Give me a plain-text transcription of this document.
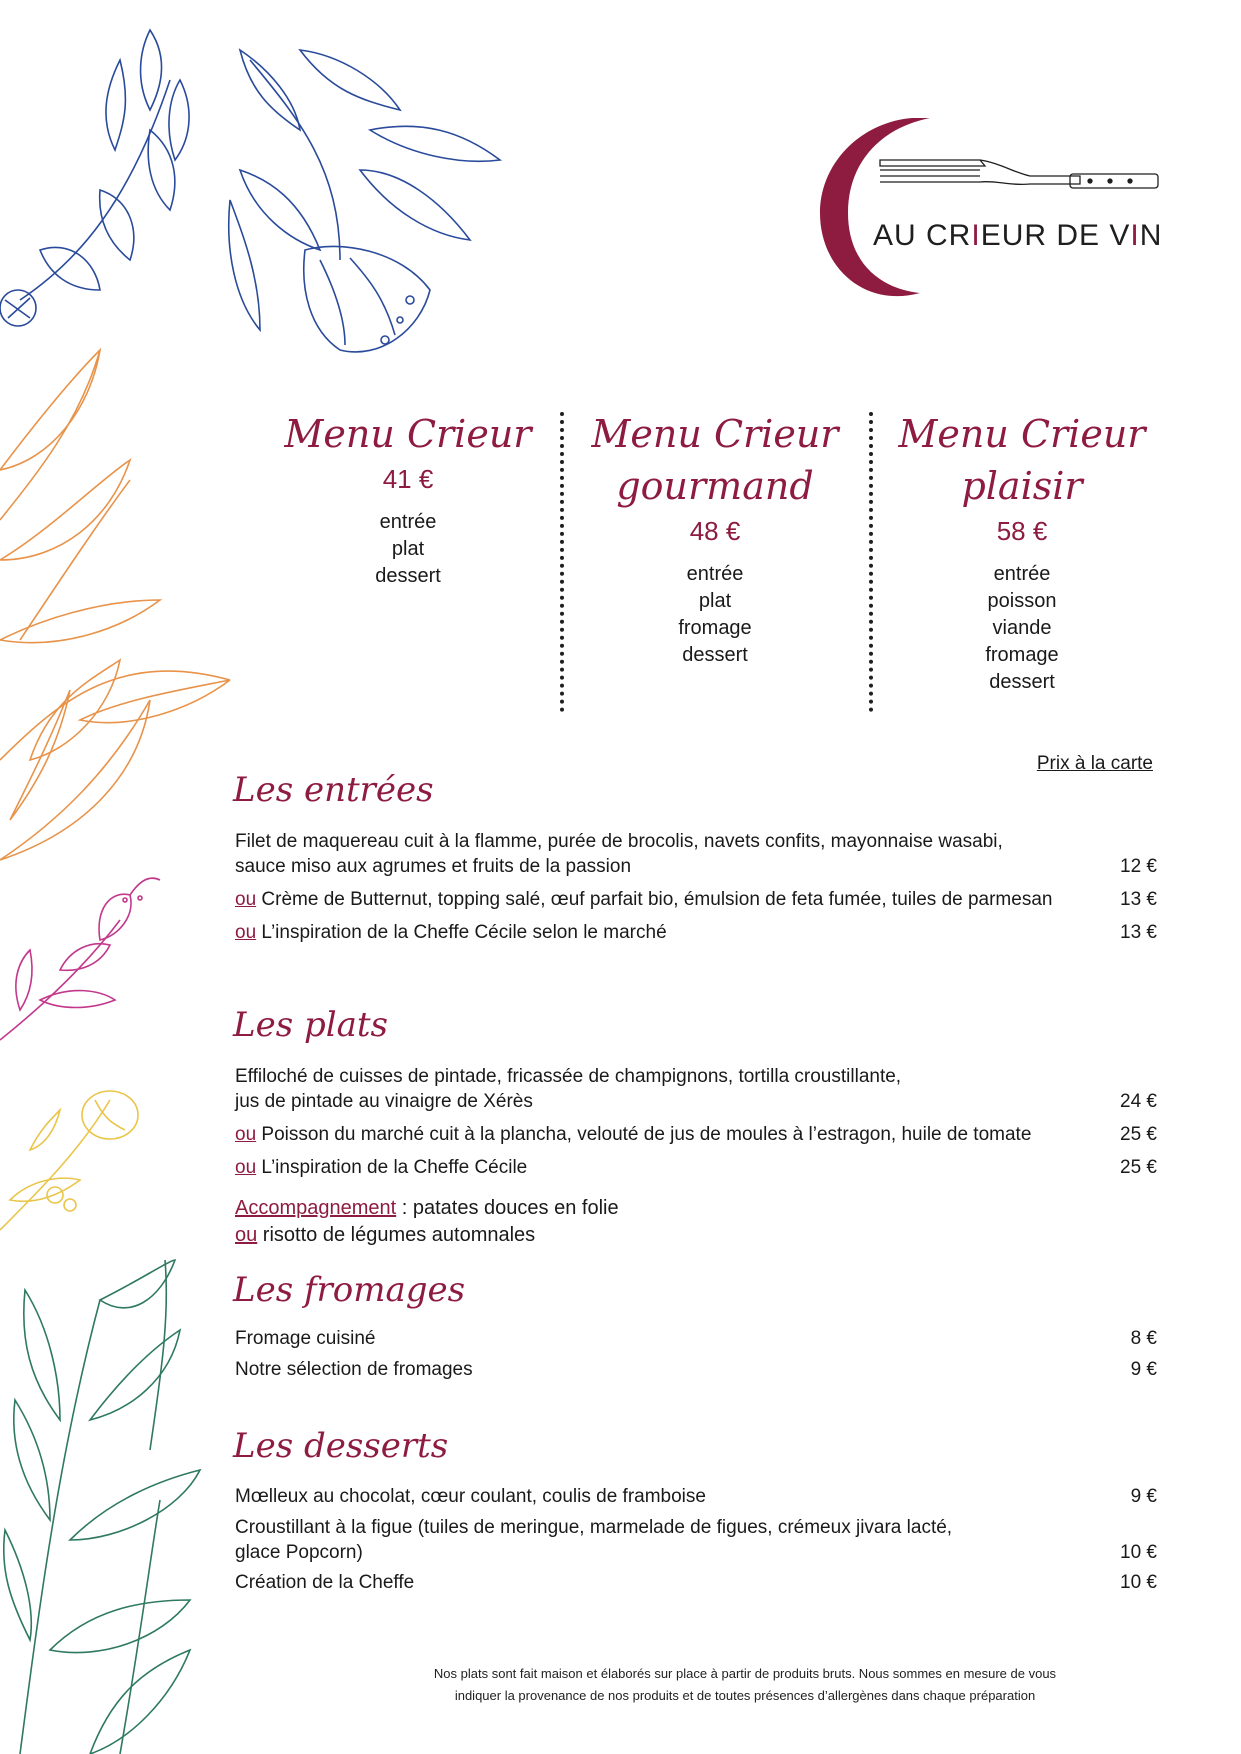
AU CRIEUR DE VIN
Menu Crieur
41 €
entrée
plat
dessert
Menu Crieur
gourmand
48 €
entrée
plat
fromage
dessert
Menu Crieur
plaisir
58 €
entrée
poisson
viande
fromage
dessert
Prix à la carte
Les entrées
Filet de maquereau cuit à la flamme, purée de brocolis, navets confits, mayonnaise wasabi,
sauce miso aux agrumes et fruits de la passion	12 €
ou Crème de Butternut, topping salé, œuf parfait bio, émulsion de feta fumée, tuiles de parmesan	13 €
ou L’inspiration de la Cheffe Cécile selon le marché	13 €
Les plats
Effiloché de cuisses de pintade, fricassée de champignons, tortilla croustillante,
jus de pintade au vinaigre de Xérès	24 €
ou Poisson du marché cuit à la plancha, velouté de jus de moules à l’estragon, huile de tomate	25 €
ou L’inspiration de la Cheffe Cécile	25 €
Accompagnement : patates douces en folie
ou risotto de légumes automnales
Les fromages
Fromage cuisiné	8 €
Notre sélection de fromages	9 €
Les desserts
Mœlleux au chocolat, cœur coulant, coulis de framboise	9 €
Croustillant à la figue (tuiles de meringue, marmelade de figues, crémeux jivara lacté,
glace Popcorn)	10 €
Création de la Cheffe	10 €
Nos plats sont fait maison et élaborés sur place à partir de produits bruts. Nous sommes en mesure de vous
indiquer la provenance de nos produits et de toutes présences d’allergènes dans chaque préparation
